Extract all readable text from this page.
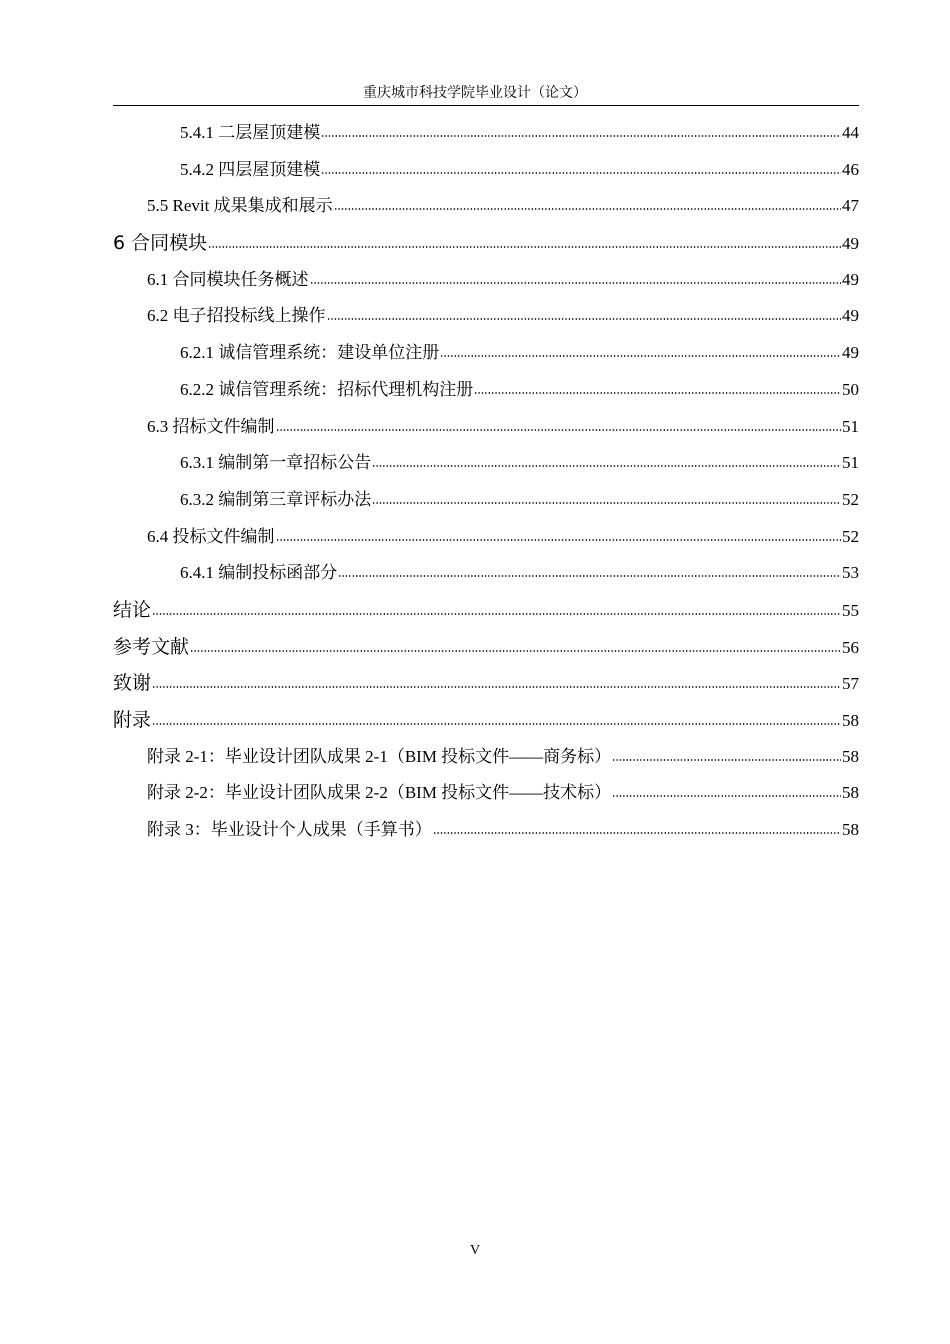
重庆城市科技学院毕业设计（论文）
5.4.1 二层屋顶建模	44
5.4.2 四层屋顶建模	46
5.5 Revit 成果集成和展示	47
6 合同模块	49
6.1 合同模块任务概述	49
6.2 电子招投标线上操作	49
6.2.1 诚信管理系统：建设单位注册	49
6.2.2 诚信管理系统：招标代理机构注册	50
6.3 招标文件编制	51
6.3.1 编制第一章招标公告	51
6.3.2 编制第三章评标办法	52
6.4 投标文件编制	52
6.4.1 编制投标函部分	53
结论	55
参考文献	56
致谢	57
附录	58
附录 2-1：毕业设计团队成果 2-1（BIM 投标文件——商务标）	58
附录 2-2：毕业设计团队成果 2-2（BIM 投标文件——技术标）	58
附录 3：毕业设计个人成果（手算书）	58
V
